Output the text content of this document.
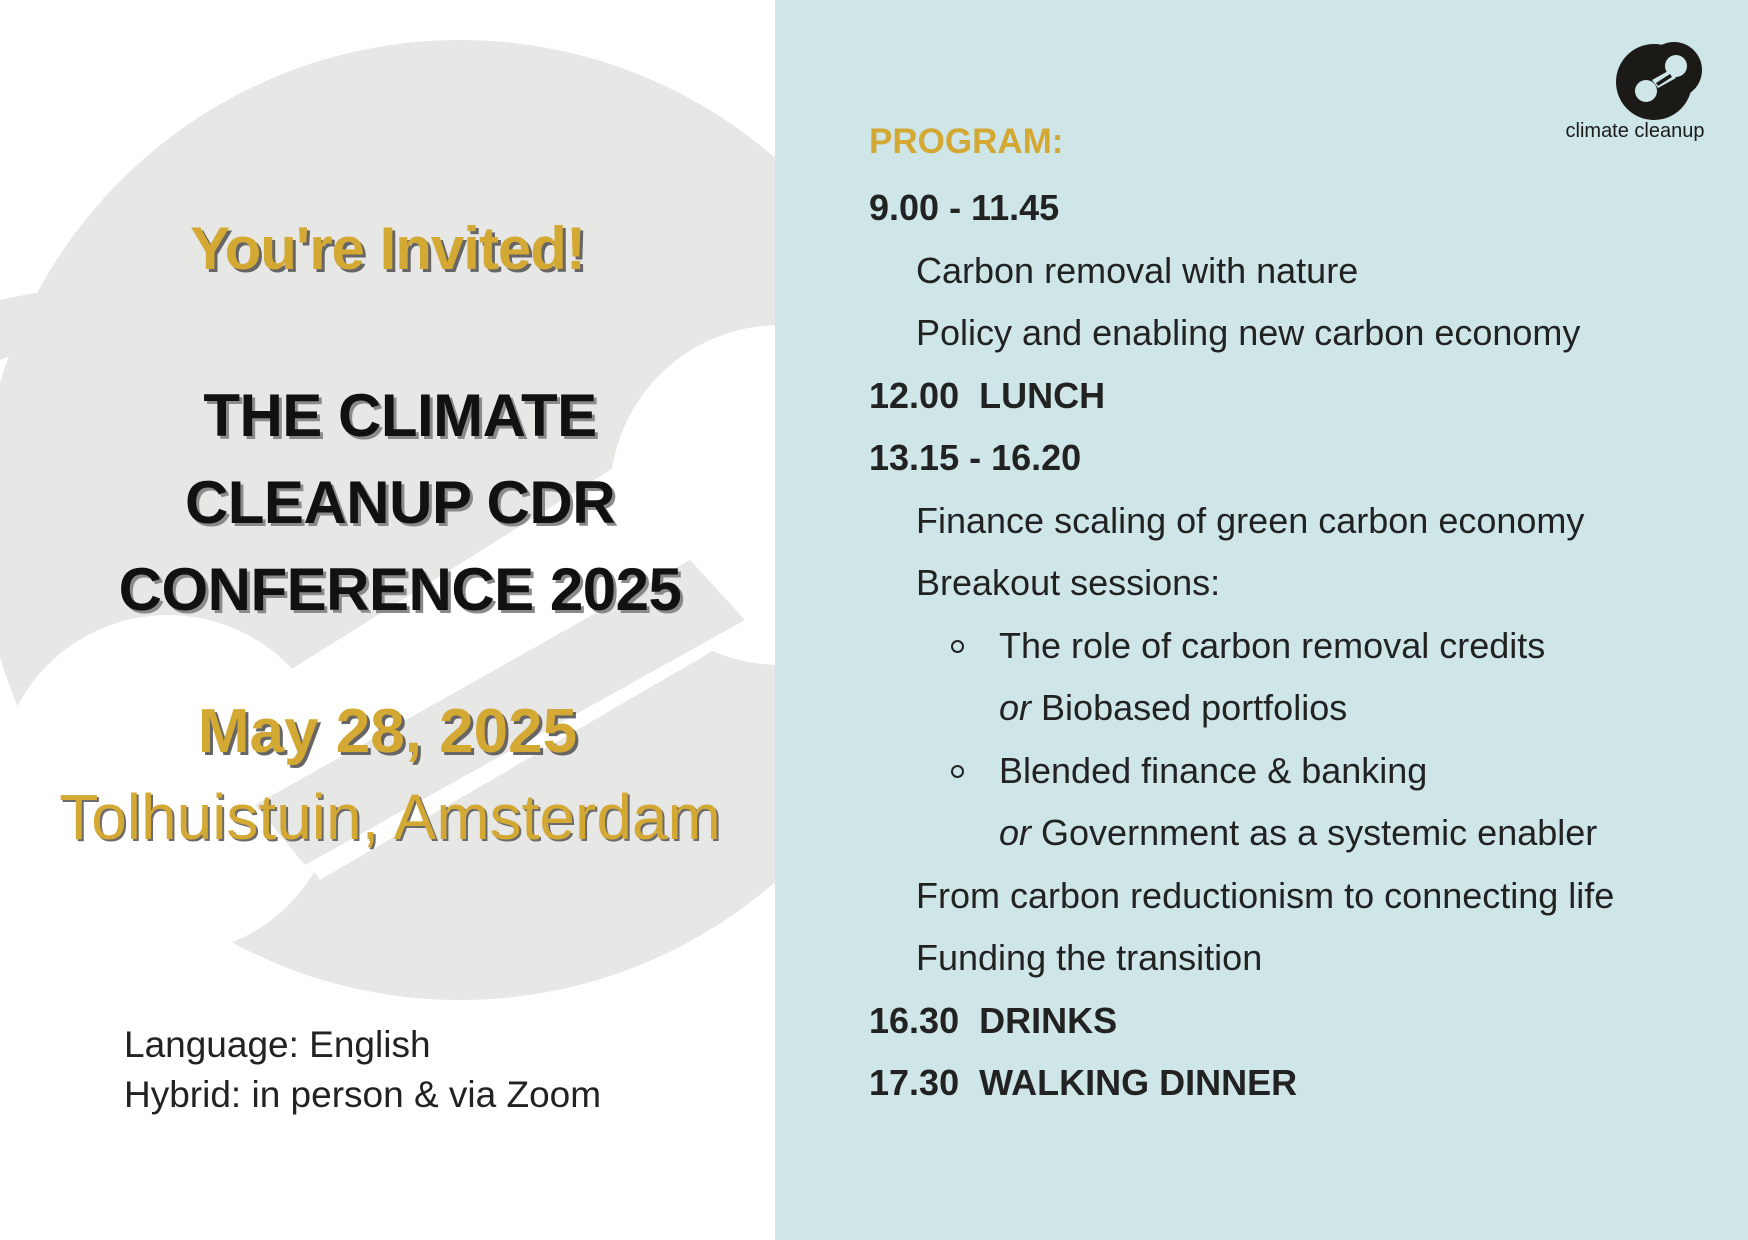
You're Invited!
THE CLIMATE
CLEANUP CDR
CONFERENCE 2025
May 28, 2025
Tolhuistuin, Amsterdam
Language: English
Hybrid: in person & via Zoom
climate cleanup
PROGRAM:
9.00 - 11.45
Carbon removal with nature
Policy and enabling new carbon economy
12.00 LUNCH
13.15 - 16.20
Finance scaling of green carbon economy
Breakout sessions:
The role of carbon removal credits
or Biobased portfolios
Blended finance & banking
or Government as a systemic enabler
From carbon reductionism to connecting life
Funding the transition
16.30 DRINKS
17.30 WALKING DINNER
